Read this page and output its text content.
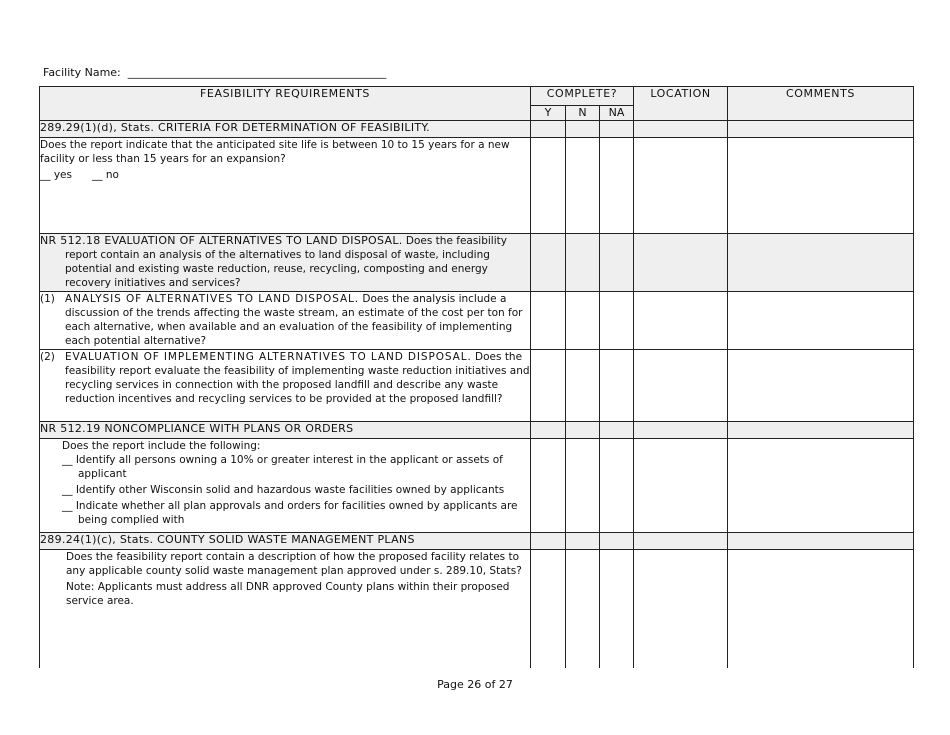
Facility Name: _______________________________________________
FEASIBILITY REQUIREMENTS	COMPLETE?			LOCATION	COMMENTS
	Y	N	NA		
289.29(1)(d), Stats. CRITERIA FOR DETERMINATION OF FEASIBILITY.					

Does the report indicate that the anticipated site life is between 10 to 15 years for a new facility or less than 15 years for an expansion?
__ yes __ no					

NR 512.18 EVALUATION OF ALTERNATIVES TO LAND DISPOSAL. Does the feasibility report contain an analysis of the alternatives to land disposal of waste, including potential and existing waste reduction, reuse, recycling, composting and energy recovery initiatives and services?					

(1) ANALYSIS OF ALTERNATIVES TO LAND DISPOSAL. Does the analysis include a discussion of the trends affecting the waste stream, an estimate of the cost per ton for each alternative, when available and an evaluation of the feasibility of implementing each potential alternative?					

(2) EVALUATION OF IMPLEMENTING ALTERNATIVES TO LAND DISPOSAL. Does the feasibility report evaluate the feasibility of implementing waste reduction initiatives and recycling services in connection with the proposed landfill and describe any waste reduction incentives and recycling services to be provided at the proposed landfill?					

NR 512.19 NONCOMPLIANCE WITH PLANS OR ORDERS					

Does the report include the following:
__ Identify all persons owning a 10% or greater interest in the applicant or assets of applicant
__ Identify other Wisconsin solid and hazardous waste facilities owned by applicants
__ Indicate whether all plan approvals and orders for facilities owned by applicants are being complied with					

289.24(1)(c), Stats. COUNTY SOLID WASTE MANAGEMENT PLANS					

Does the feasibility report contain a description of how the proposed facility relates to any applicable county solid waste management plan approved under s. 289.10, Stats?
Note: Applicants must address all DNR approved County plans within their proposed service area.					

Page 26 of 27
